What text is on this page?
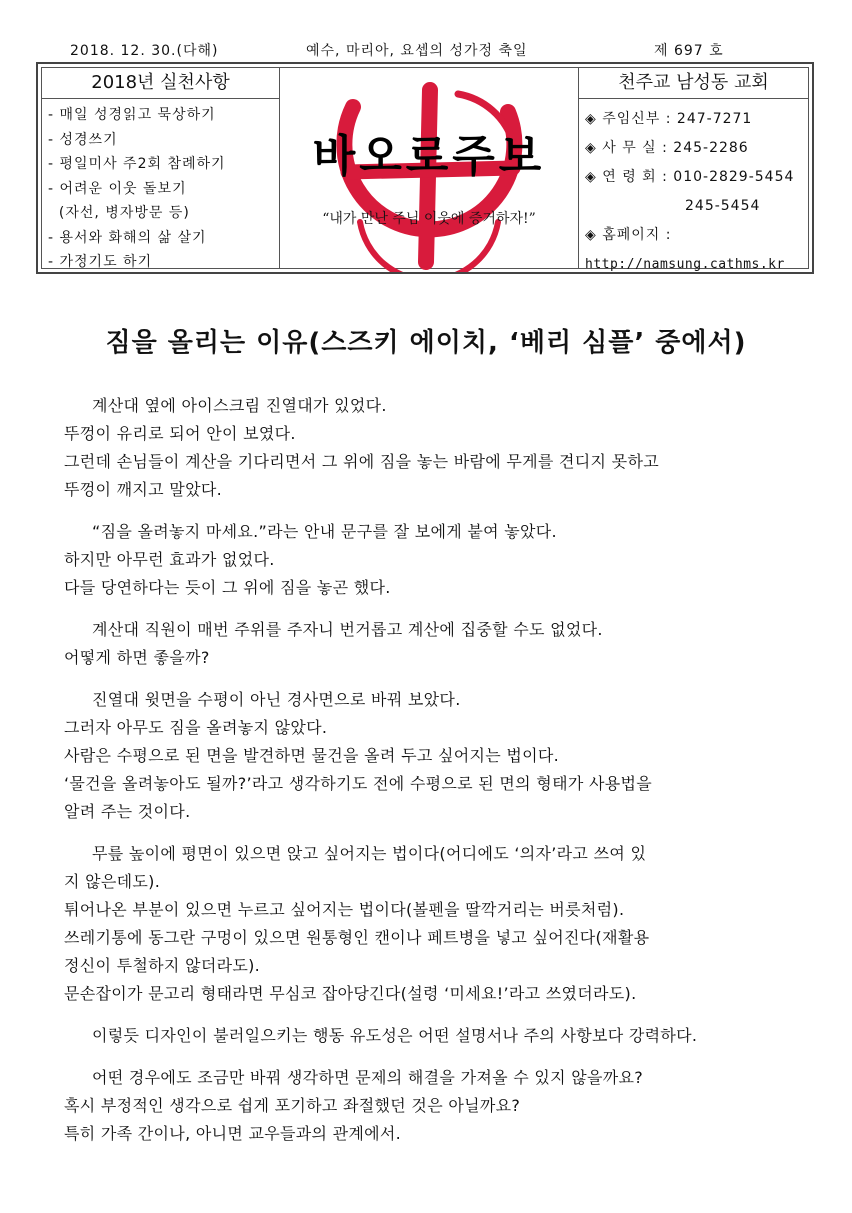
2018. 12. 30.(다해)	예수, 마리아, 요셉의 성가정 축일	제 697 호
2018년 실천사항
- 매일 성경읽고 묵상하기
- 성경쓰기
- 평일미사 주2회 참례하기
- 어려운 이웃 돌보기
(자선, 병자방문 등)
- 용서와 화해의 삶 살기
- 가정기도 하기
바오로주보
“내가 만난 주님 이웃에 증거하자!”
천주교 남성동 교회
◈ 주임신부 : 247-7271
◈ 사 무 실 : 245-2286
◈ 연 령 회 : 010-2829-5454
245-5454
◈ 홈페이지 :
http://namsung.cathms.kr
짐을 올리는 이유(스즈키 에이치, ‘베리 심플’ 중에서)
계산대 옆에 아이스크림 진열대가 있었다.
뚜껑이 유리로 되어 안이 보였다.
그런데 손님들이 계산을 기다리면서 그 위에 짐을 놓는 바람에 무게를 견디지 못하고
뚜껑이 깨지고 말았다.
“짐을 올려놓지 마세요.”라는 안내 문구를 잘 보에게 붙여 놓았다.
하지만 아무런 효과가 없었다.
다들 당연하다는 듯이 그 위에 짐을 놓곤 했다.
계산대 직원이 매번 주위를 주자니 번거롭고 계산에 집중할 수도 없었다.
어떻게 하면 좋을까?
진열대 윗면을 수평이 아닌 경사면으로 바꿔 보았다.
그러자 아무도 짐을 올려놓지 않았다.
사람은 수평으로 된 면을 발견하면 물건을 올려 두고 싶어지는 법이다.
‘물건을 올려놓아도 될까?’라고 생각하기도 전에 수평으로 된 면의 형태가 사용법을
알려 주는 것이다.
무릎 높이에 평면이 있으면 앉고 싶어지는 법이다(어디에도 ‘의자’라고 쓰여 있
지 않은데도).
튀어나온 부분이 있으면 누르고 싶어지는 법이다(볼펜을 딸깍거리는 버릇처럼).
쓰레기통에 동그란 구멍이 있으면 원통형인 캔이나 페트병을 넣고 싶어진다(재활용
정신이 투철하지 않더라도).
문손잡이가 문고리 형태라면 무심코 잡아당긴다(설령 ‘미세요!’라고 쓰였더라도).
이렇듯 디자인이 불러일으키는 행동 유도성은 어떤 설명서나 주의 사항보다 강력하다.
어떤 경우에도 조금만 바꿔 생각하면 문제의 해결을 가져올 수 있지 않을까요?
혹시 부정적인 생각으로 쉽게 포기하고 좌절했던 것은 아닐까요?
특히 가족 간이나, 아니면 교우들과의 관계에서.
